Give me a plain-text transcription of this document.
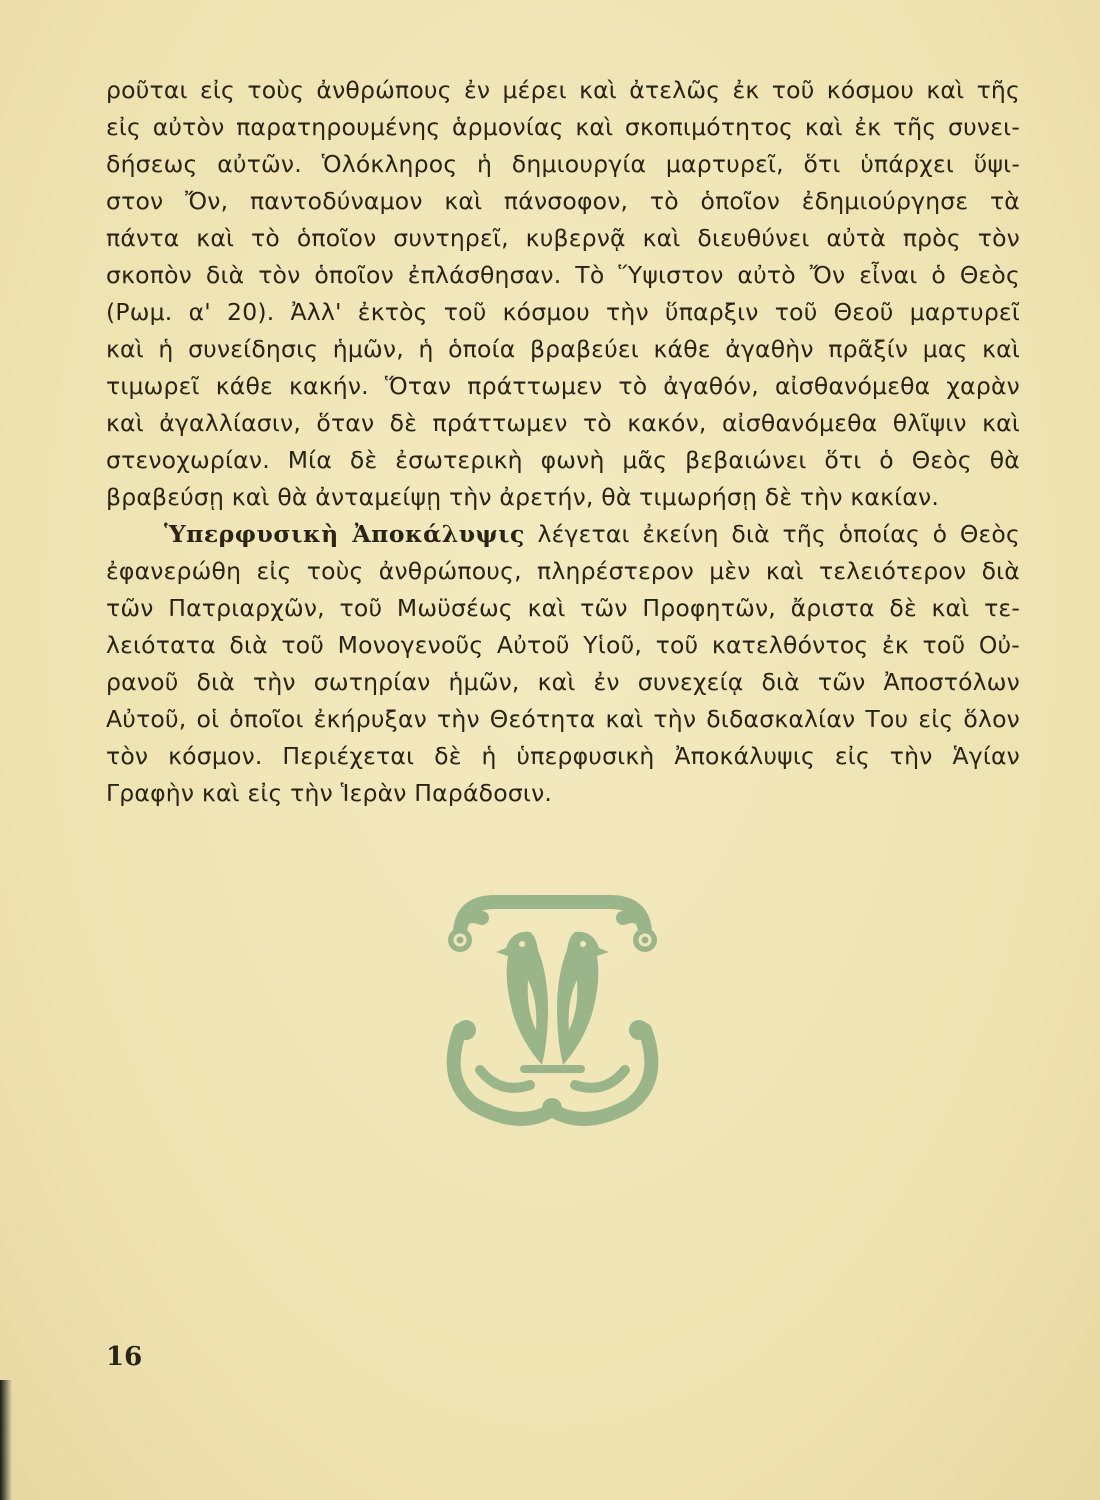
ροῦται εἰς τοὺς ἀνθρώπους ἐν μέρει καὶ ἀτελῶς ἐκ τοῦ κόσμου καὶ τῆς
εἰς αὐτὸν παρατηρουμένης ἁρμονίας καὶ σκοπιμότητος καὶ ἐκ τῆς συνει-
δήσεως αὐτῶν. Ὁλόκληρος ἡ δημιουργία μαρτυρεῖ, ὅτι ὑπάρχει ὕψι-
στον Ὄν, παντοδύναμον καὶ πάνσοφον, τὸ ὁποῖον ἐδημιούργησε τὰ
πάντα καὶ τὸ ὁποῖον συντηρεῖ, κυβερνᾷ καὶ διευθύνει αὐτὰ πρὸς τὸν
σκοπὸν διὰ τὸν ὁποῖον ἐπλάσθησαν. Τὸ Ὕψιστον αὐτὸ Ὄν εἶναι ὁ Θεὸς
(Ρωμ. α' 20). Ἀλλ' ἐκτὸς τοῦ κόσμου τὴν ὕπαρξιν τοῦ Θεοῦ μαρτυρεῖ
καὶ ἡ συνείδησις ἡμῶν, ἡ ὁποία βραβεύει κάθε ἀγαθὴν πρᾶξίν μας καὶ
τιμωρεῖ κάθε κακήν. Ὅταν πράττωμεν τὸ ἀγαθόν, αἰσθανόμεθα χαρὰν
καὶ ἀγαλλίασιν, ὅταν δὲ πράττωμεν τὸ κακόν, αἰσθανόμεθα θλῖψιν καὶ
στενοχωρίαν. Μία δὲ ἐσωτερικὴ φωνὴ μᾶς βεβαιώνει ὅτι ὁ Θεὸς θὰ
βραβεύσῃ καὶ θὰ ἀνταμείψῃ τὴν ἀρετήν, θὰ τιμωρήσῃ δὲ τὴν κακίαν.
Ὑπερφυσικὴ Ἀποκάλυψις λέγεται ἐκείνη διὰ τῆς ὁποίας ὁ Θεὸς
ἐφανερώθη εἰς τοὺς ἀνθρώπους, πληρέστερον μὲν καὶ τελειότερον διὰ
τῶν Πατριαρχῶν, τοῦ Μωϋσέως καὶ τῶν Προφητῶν, ἄριστα δὲ καὶ τε-
λειότατα διὰ τοῦ Μονογενοῦς Αὐτοῦ Υἱοῦ, τοῦ κατελθόντος ἐκ τοῦ Οὐ-
ρανοῦ διὰ τὴν σωτηρίαν ἡμῶν, καὶ ἐν συνεχείᾳ διὰ τῶν Ἀποστόλων
Αὐτοῦ, οἱ ὁποῖοι ἐκήρυξαν τὴν Θεότητα καὶ τὴν διδασκαλίαν Του εἰς ὅλον
τὸν κόσμον. Περιέχεται δὲ ἡ ὑπερφυσικὴ Ἀποκάλυψις εἰς τὴν Ἁγίαν
Γραφὴν καὶ εἰς τὴν Ἱερὰν Παράδοσιν.
16
